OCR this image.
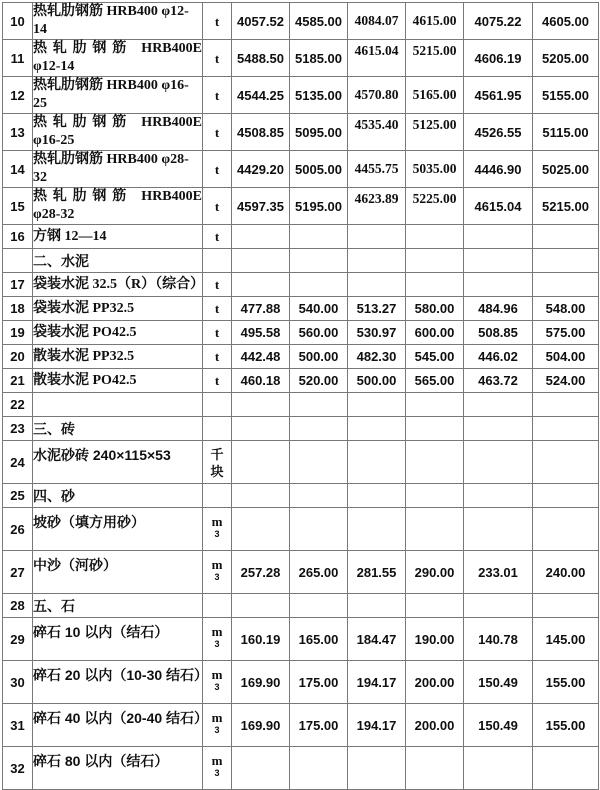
10	热轧肋钢筋 HRB400 φ12-14	t	4057.52	4585.00	4084.07	4615.00	4075.22	4605.00
11	热轧肋钢筋 HRB400E
φ12-14	t	5488.50	5185.00	4615.04	5215.00	4606.19	5205.00
12	热轧肋钢筋 HRB400 φ16-25	t	4544.25	5135.00	4570.80	5165.00	4561.95	5155.00
13	热轧肋钢筋 HRB400E
φ16-25	t	4508.85	5095.00	4535.40	5125.00	4526.55	5115.00
14	热轧肋钢筋 HRB400 φ28-32	t	4429.20	5005.00	4455.75	5035.00	4446.90	5025.00
15	热轧肋钢筋 HRB400E
φ28-32	t	4597.35	5195.00	4623.89	5225.00	4615.04	5215.00
16	方钢 12—14	t						

	二、水泥							

17	袋装水泥 32.5（R）（综合）	t						

18	袋装水泥 PP32.5	t	477.88	540.00	513.27	580.00	484.96	548.00
19	袋装水泥 PO42.5	t	495.58	560.00	530.97	600.00	508.85	575.00
20	散装水泥 PP32.5	t	442.48	500.00	482.30	545.00	446.02	504.00
21	散装水泥 PO42.5	t	460.18	520.00	500.00	565.00	463.72	524.00
22	

23	三、砖							

24	水泥砂砖 240×115×53	千
块						

25	四、砂							

26	坡砂（填方用砂）	m
3						

27	中沙（河砂）	m
3	257.28	265.00	281.55	290.00	233.01	240.00
28	五、石							

29	碎石 10 以内（结石）	m
3	160.19	165.00	184.47	190.00	140.78	145.00
30	碎石 20 以内（10-30 结石）	m
3	169.90	175.00	194.17	200.00	150.49	155.00
31	碎石 40 以内（20-40 结石）	m
3	169.90	175.00	194.17	200.00	150.49	155.00
32	碎石 80 以内（结石）	m
3						
